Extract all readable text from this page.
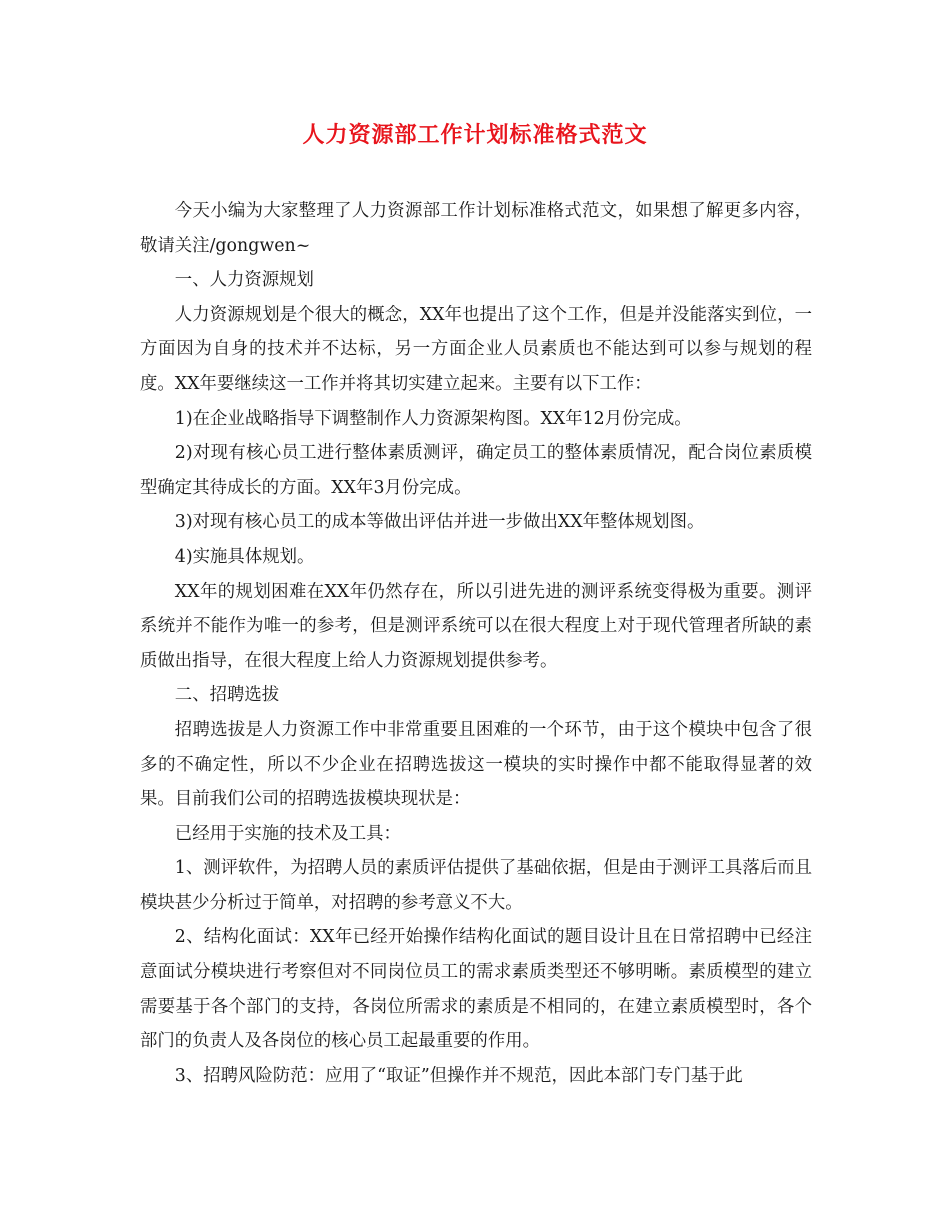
人力资源部工作计划标准格式范文

今天小编为大家整理了人力资源部工作计划标准格式范文，如果想了解更多内容，敬请关注/gongwen~

一、人力资源规划

人力资源规划是个很大的概念，XX年也提出了这个工作，但是并没能落实到位，一方面因为自身的技术并不达标，另一方面企业人员素质也不能达到可以参与规划的程度。XX年要继续这一工作并将其切实建立起来。主要有以下工作：

1)在企业战略指导下调整制作人力资源架构图。XX年12月份完成。

2)对现有核心员工进行整体素质测评，确定员工的整体素质情况，配合岗位素质模型确定其待成长的方面。XX年3月份完成。

3)对现有核心员工的成本等做出评估并进一步做出XX年整体规划图。

4)实施具体规划。

XX年的规划困难在XX年仍然存在，所以引进先进的测评系统变得极为重要。测评系统并不能作为唯一的参考，但是测评系统可以在很大程度上对于现代管理者所缺的素质做出指导，在很大程度上给人力资源规划提供参考。

二、招聘选拔

招聘选拔是人力资源工作中非常重要且困难的一个环节，由于这个模块中包含了很多的不确定性，所以不少企业在招聘选拔这一模块的实时操作中都不能取得显著的效果。目前我们公司的招聘选拔模块现状是：

已经用于实施的技术及工具：

1、测评软件，为招聘人员的素质评估提供了基础依据，但是由于测评工具落后而且模块甚少分析过于简单，对招聘的参考意义不大。

2、结构化面试：XX年已经开始操作结构化面试的题目设计且在日常招聘中已经注意面试分模块进行考察但对不同岗位员工的需求素质类型还不够明晰。素质模型的建立需要基于各个部门的支持，各岗位所需求的素质是不相同的，在建立素质模型时，各个部门的负责人及各岗位的核心员工起最重要的作用。

3、招聘风险防范：应用了“取证”但操作并不规范，因此本部门专门基于此
